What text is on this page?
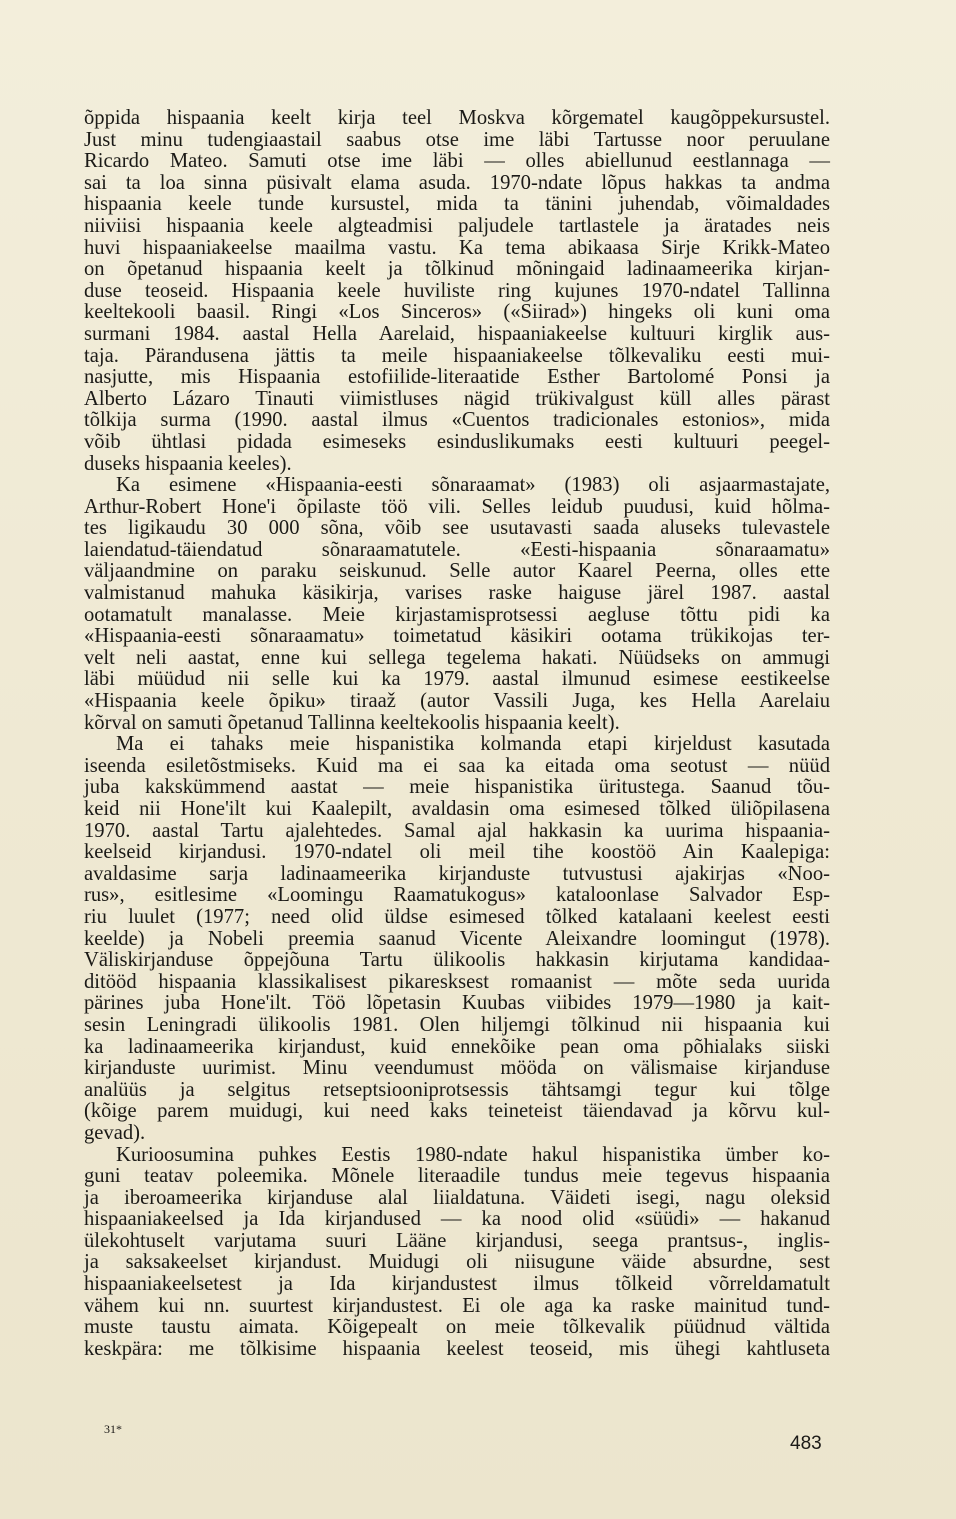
õppida hispaania keelt kirja teel Moskva kõrgematel kaugõppekursustel.
Just minu tudengiaastail saabus otse ime läbi Tartusse noor peruulane
Ricardo Mateo. Samuti otse ime läbi — olles abiellunud eestlannaga —
sai ta loa sinna püsivalt elama asuda. 1970-ndate lõpus hakkas ta andma
hispaania keele tunde kursustel, mida ta tänini juhendab, võimaldades
niiviisi hispaania keele algteadmisi paljudele tartlastele ja äratades neis
huvi hispaaniakeelse maailma vastu. Ka tema abikaasa Sirje Krikk-Mateo
on õpetanud hispaania keelt ja tõlkinud mõningaid ladinaameerika kirjan-
duse teoseid. Hispaania keele huviliste ring kujunes 1970-ndatel Tallinna
keeltekooli baasil. Ringi «Los Sinceros» («Siirad») hingeks oli kuni oma
surmani 1984. aastal Hella Aarelaid, hispaaniakeelse kultuuri kirglik aus-
taja. Pärandusena jättis ta meile hispaaniakeelse tõlkevaliku eesti mui-
nasjutte, mis Hispaania estofiilide-literaatide Esther Bartolomé Ponsi ja
Alberto Lázaro Tinauti viimistluses nägid trükivalgust küll alles pärast
tõlkija surma (1990. aastal ilmus «Cuentos tradicionales estonios», mida
võib ühtlasi pidada esimeseks esinduslikumaks eesti kultuuri peegel-
duseks hispaania keeles).
Ka esimene «Hispaania-eesti sõnaraamat» (1983) oli asjaarmastajate,
Arthur-Robert Hone'i õpilaste töö vili. Selles leidub puudusi, kuid hõlma-
tes ligikaudu 30 000 sõna, võib see usutavasti saada aluseks tulevastele
laiendatud-täiendatud sõnaraamatutele. «Eesti-hispaania sõnaraamatu»
väljaandmine on paraku seiskunud. Selle autor Kaarel Peerna, olles ette
valmistanud mahuka käsikirja, varises raske haiguse järel 1987. aastal
ootamatult manalasse. Meie kirjastamisprotsessi aegluse tõttu pidi ka
«Hispaania-eesti sõnaraamatu» toimetatud käsikiri ootama trükikojas ter-
velt neli aastat, enne kui sellega tegelema hakati. Nüüdseks on ammugi
läbi müüdud nii selle kui ka 1979. aastal ilmunud esimese eestikeelse
«Hispaania keele õpiku» tiraaž (autor Vassili Juga, kes Hella Aarelaiu
kõrval on samuti õpetanud Tallinna keeltekoolis hispaania keelt).
Ma ei tahaks meie hispanistika kolmanda etapi kirjeldust kasutada
iseenda esiletõstmiseks. Kuid ma ei saa ka eitada oma seotust — nüüd
juba kakskümmend aastat — meie hispanistika üritustega. Saanud tõu-
keid nii Hone'ilt kui Kaalepilt, avaldasin oma esimesed tõlked üliõpilasena
1970. aastal Tartu ajalehtedes. Samal ajal hakkasin ka uurima hispaania-
keelseid kirjandusi. 1970-ndatel oli meil tihe koostöö Ain Kaalepiga:
avaldasime sarja ladinaameerika kirjanduste tutvustusi ajakirjas «Noo-
rus», esitlesime «Loomingu Raamatukogus» kataloonlase Salvador Esp-
riu luulet (1977; need olid üldse esimesed tõlked katalaani keelest eesti
keelde) ja Nobeli preemia saanud Vicente Aleixandre loomingut (1978).
Väliskirjanduse õppejõuna Tartu ülikoolis hakkasin kirjutama kandidaa-
ditööd hispaania klassikalisest pikaresksest romaanist — mõte seda uurida
pärines juba Hone'ilt. Töö lõpetasin Kuubas viibides 1979—1980 ja kait-
sesin Leningradi ülikoolis 1981. Olen hiljemgi tõlkinud nii hispaania kui
ka ladinaameerika kirjandust, kuid ennekõike pean oma põhialaks siiski
kirjanduste uurimist. Minu veendumust mööda on välismaise kirjanduse
analüüs ja selgitus retseptsiooniprotsessis tähtsamgi tegur kui tõlge
(kõige parem muidugi, kui need kaks teineteist täiendavad ja kõrvu kul-
gevad).
Kurioosumina puhkes Eestis 1980-ndate hakul hispanistika ümber ko-
guni teatav poleemika. Mõnele literaadile tundus meie tegevus hispaania
ja iberoameerika kirjanduse alal liialdatuna. Väideti isegi, nagu oleksid
hispaaniakeelsed ja Ida kirjandused — ka nood olid «süüdi» — hakanud
ülekohtuselt varjutama suuri Lääne kirjandusi, seega prantsus-, inglis-
ja saksakeelset kirjandust. Muidugi oli niisugune väide absurdne, sest
hispaaniakeelsetest ja Ida kirjandustest ilmus tõlkeid võrreldamatult
vähem kui nn. suurtest kirjandustest. Ei ole aga ka raske mainitud tund-
muste taustu aimata. Kõigepealt on meie tõlkevalik püüdnud vältida
keskpära: me tõlkisime hispaania keelest teoseid, mis ühegi kahtluseta
31*
483
